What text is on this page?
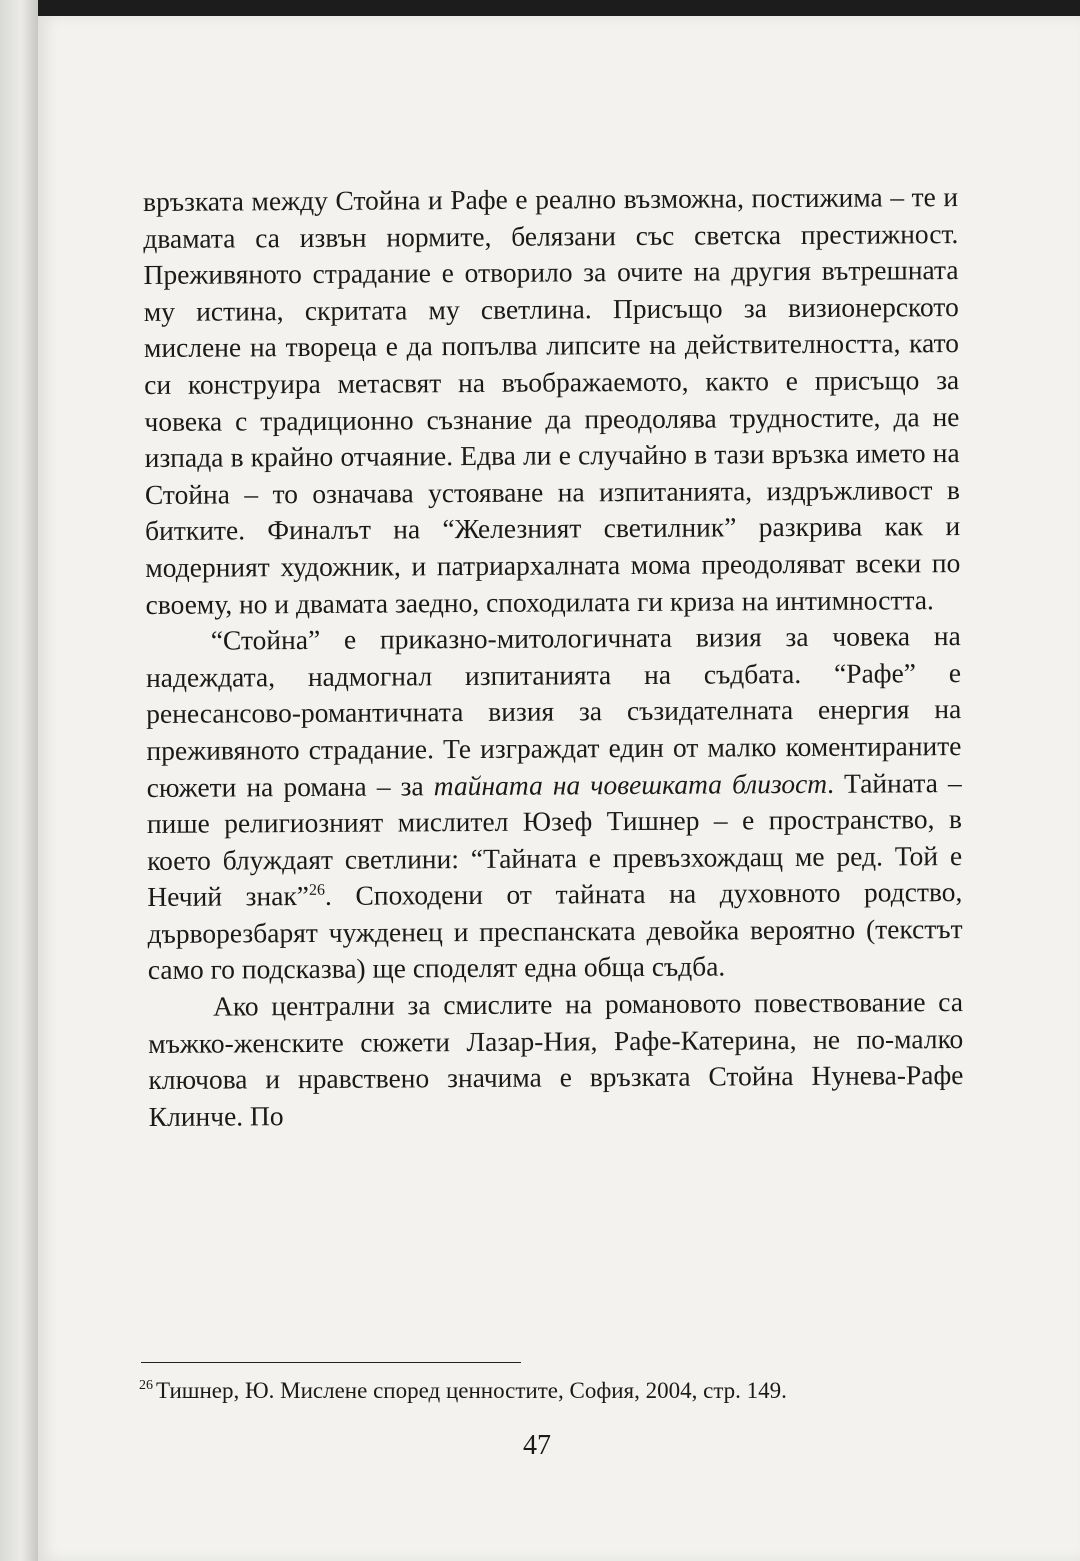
връзката между Стойна и Рафе е реално възможна, постижима – те и двамата са извън нормите, белязани със светска престижност. Преживяното страдание е отворило за очите на другия вътрешната му истина, скритата му светлина. Присъщо за визионерското мислене на твореца е да попълва липсите на действителността, като си конструира метасвят на въображаемото, както е присъщо за човека с традиционно съзнание да преодолява трудностите, да не изпада в крайно отчаяние. Едва ли е случайно в тази връзка името на Стойна – то означава устояване на изпитанията, издръжливост в битките. Финалът на “Железният светилник” разкрива как и модерният художник, и патриархалната мома преодоляват всеки по своему, но и двамата заедно, споходилата ги криза на интимността.

“Стойна” е приказно-митологичната визия за човека на надеждата, надмогнал изпитанията на съдбата. “Рафе” е ренесансово-романтичната визия за съзидателната енергия на преживяното страдание. Те изграждат един от малко коментираните сюжети на романа – за тайната на човешката близост. Тайната – пише религиозният мислител Юзеф Тишнер – е пространство, в което блуждаят светлини: “Тайната е превъзхождащ ме ред. Той е Нечий знак”$^{26}$. Споходени от тайната на духовното родство, дърворезбарят чужденец и преспанската девойка вероятно (текстът само го подсказва) ще споделят една обща съдба.

Ако централни за смислите на романовото повествование са мъжко-женските сюжети Лазар-Ния, Рафе-Катерина, не по-малко ключова и нравствено значима е връзката Стойна Нунева-Рафе Клинче. По

$^{26}$ Тишнер, Ю. Мислене според ценностите, София, 2004, стр. 149.
47
